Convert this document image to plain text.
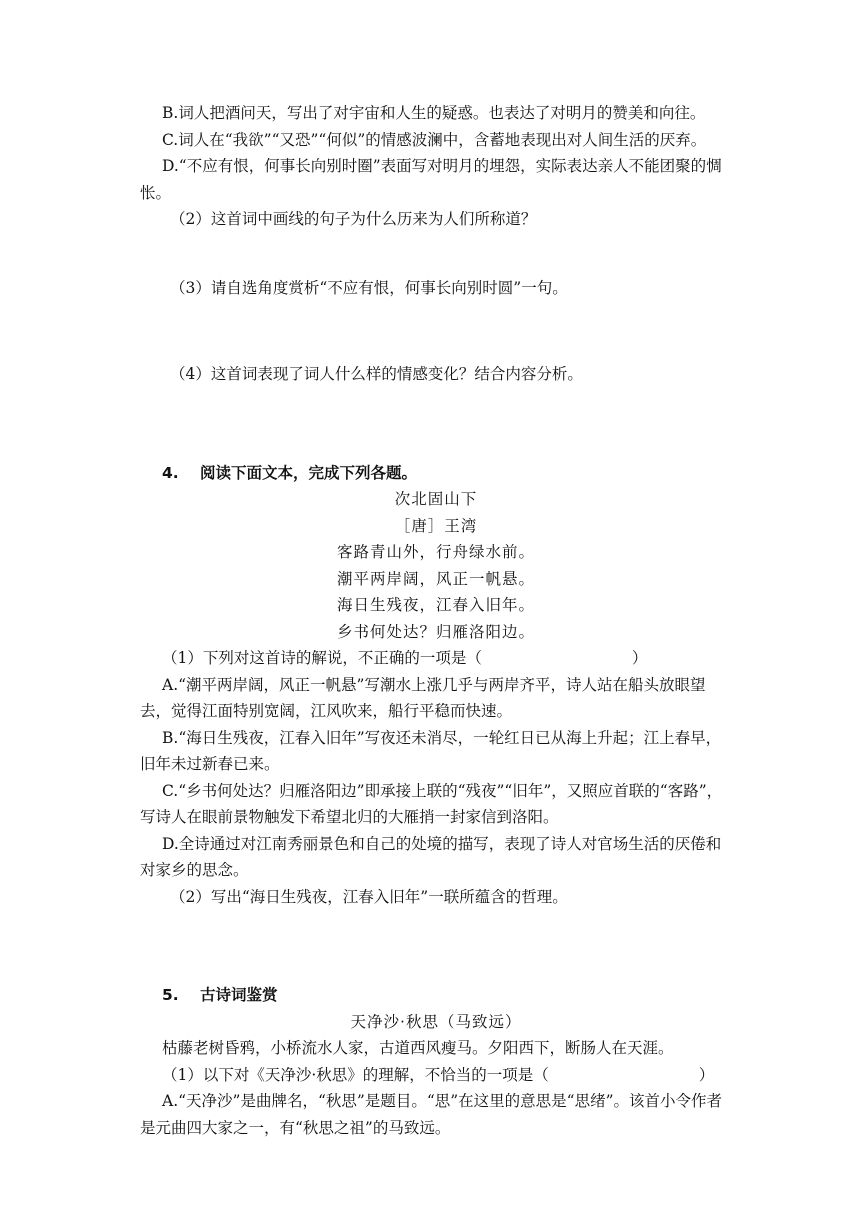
B.词人把酒问天，写出了对宇宙和人生的疑惑。也表达了对明月的赞美和向往。

C.词人在“我欲”“又恐”“何似”的情感波澜中，含蓄地表现出对人间生活的厌弃。

D.“不应有恨，何事长向别时圈”表面写对明月的埋怨，实际表达亲人不能团聚的惆怅。

（2）这首词中画线的句子为什么历来为人们所称道？

（3）请自选角度赏析“不应有恨，何事长向别时圆”一句。

（4）这首词表现了词人什么样的情感变化？结合内容分析。

4. 阅读下面文本，完成下列各题。

次北固山下

［唐］王湾

客路青山外，行舟绿水前。

潮平两岸阔，风正一帆悬。

海日生残夜，江春入旧年。

乡书何处达？归雁洛阳边。

（1）下列对这首诗的解说，不正确的一项是（	）

A.“潮平两岸阔，风正一帆悬”写潮水上涨几乎与两岸齐平，诗人站在船头放眼望去，觉得江面特别宽阔，江风吹来，船行平稳而快速。

B.“海日生残夜，江春入旧年”写夜还未消尽，一轮红日已从海上升起；江上春早，旧年未过新春已来。

C.“乡书何处达？归雁洛阳边”即承接上联的“残夜”“旧年”，又照应首联的“客路”，写诗人在眼前景物触发下希望北归的大雁捎一封家信到洛阳。

D.全诗通过对江南秀丽景色和自己的处境的描写，表现了诗人对官场生活的厌倦和对家乡的思念。

（2）写出“海日生残夜，江春入旧年”一联所蕴含的哲理。

5. 古诗词鉴赏

天净沙·秋思（马致远）

枯藤老树昏鸦，小桥流水人家，古道西风瘦马。夕阳西下，断肠人在天涯。

（1）以下对《天净沙·秋思》的理解，不恰当的一项是（	）

A.“天净沙”是曲牌名，“秋思”是题目。“思”在这里的意思是“思绪”。该首小令作者是元曲四大家之一，有“秋思之祖”的马致远。
